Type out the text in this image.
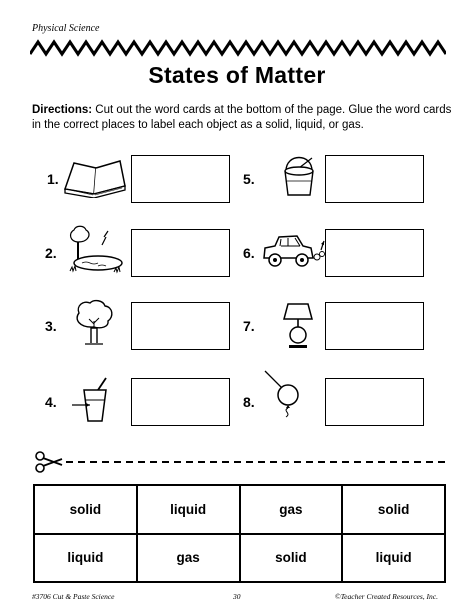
Physical Science
States of Matter
Directions: Cut out the word cards at the bottom of the page. Glue the word cards in the correct places to label each object as a solid, liquid, or gas.
1.
2.
3.
4.
5.
6.
7.
8.
solid	liquid	gas	solid
liquid	gas	solid	liquid
#3706 Cut & Paste Science	30	©Teacher Created Resources, Inc.
